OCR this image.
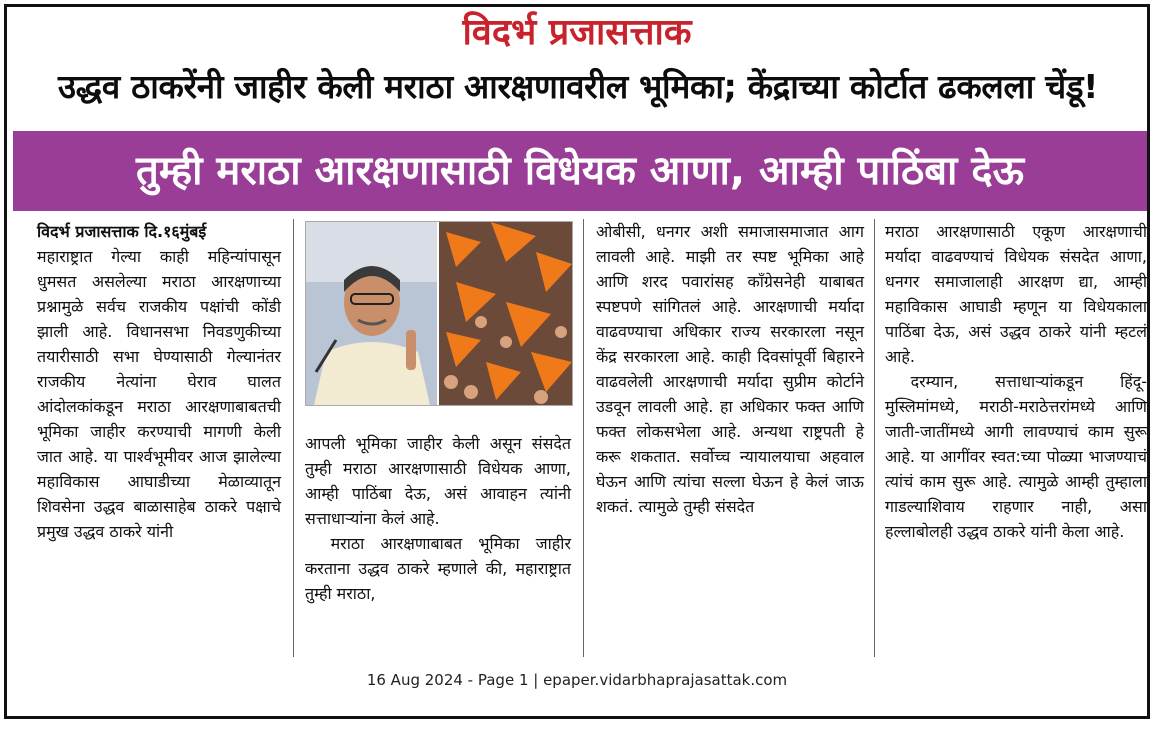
विदर्भ प्रजासत्ताक
उद्धव ठाकरेंनी जाहीर केली मराठा आरक्षणावरील भूमिका; केंद्राच्या कोर्टात ढकलला चेंडू!
तुम्ही मराठा आरक्षणासाठी विधेयक आणा, आम्ही पाठिंबा देऊ
विदर्भ प्रजासत्ताक दि.१६मुंबई

महाराष्ट्रात गेल्या काही महिन्यांपासून धुमसत असलेल्या मराठा आरक्षणाच्या प्रश्नामुळे सर्वच राजकीय पक्षांची कोंडी झाली आहे. विधानसभा निवडणुकीच्या तयारीसाठी सभा घेण्यासाठी गेल्यानंतर राजकीय नेत्यांना घेराव घालत आंदोलकांकडून मराठा आरक्षणाबाबतची भूमिका जाहीर करण्याची मागणी केली जात आहे. या पार्श्वभूमीवर आज झालेल्या महाविकास आघाडीच्या मेळाव्यातून शिवसेना उद्धव बाळासाहेब ठाकरे पक्षाचे प्रमुख उद्धव ठाकरे यांनी

आपली भूमिका जाहीर केली असून संसदेत तुम्ही मराठा आरक्षणासाठी विधेयक आणा, आम्ही पाठिंबा देऊ, असं आवाहन त्यांनी सत्ताधाऱ्यांना केलं आहे.

मराठा आरक्षणाबाबत भूमिका जाहीर करताना उद्धव ठाकरे म्हणाले की, महाराष्ट्रात तुम्ही मराठा,

ओबीसी, धनगर अशी समाजासमाजात आग लावली आहे. माझी तर स्पष्ट भूमिका आहे आणि शरद पवारांसह काँग्रेसनेही याबाबत स्पष्टपणे सांगितलं आहे. आरक्षणाची मर्यादा वाढवण्याचा अधिकार राज्य सरकारला नसून केंद्र सरकारला आहे. काही दिवसांपूर्वी बिहारने वाढवलेली आरक्षणाची मर्यादा सुप्रीम कोर्टाने उडवून लावली आहे. हा अधिकार फक्त आणि फक्त लोकसभेला आहे. अन्यथा राष्ट्रपती हे करू शकतात. सर्वोच्च न्यायालयाचा अहवाल घेऊन आणि त्यांचा सल्ला घेऊन हे केलं जाऊ शकतं. त्यामुळे तुम्ही संसदेत

मराठा आरक्षणासाठी एकूण आरक्षणाची मर्यादा वाढवण्याचं विधेयक संसदेत आणा, धनगर समाजालाही आरक्षण द्या, आम्ही महाविकास आघाडी म्हणून या विधेयकाला पाठिंबा देऊ, असं उद्धव ठाकरे यांनी म्हटलं आहे.

दरम्यान, सत्ताधाऱ्यांकडून हिंदू-मुस्लिमांमध्ये, मराठी-मराठेत्तरांमध्ये आणि जाती-जातींमध्ये आगी लावण्याचं काम सुरू आहे. या आगींवर स्वत:च्या पोळ्या भाजण्याचं त्यांचं काम सुरू आहे. त्यामुळे आम्ही तुम्हाला गाडल्याशिवाय राहणार नाही, असा हल्लाबोलही उद्धव ठाकरे यांनी केला आहे.

16 Aug 2024 - Page 1 | epaper.vidarbhaprajasattak.com
